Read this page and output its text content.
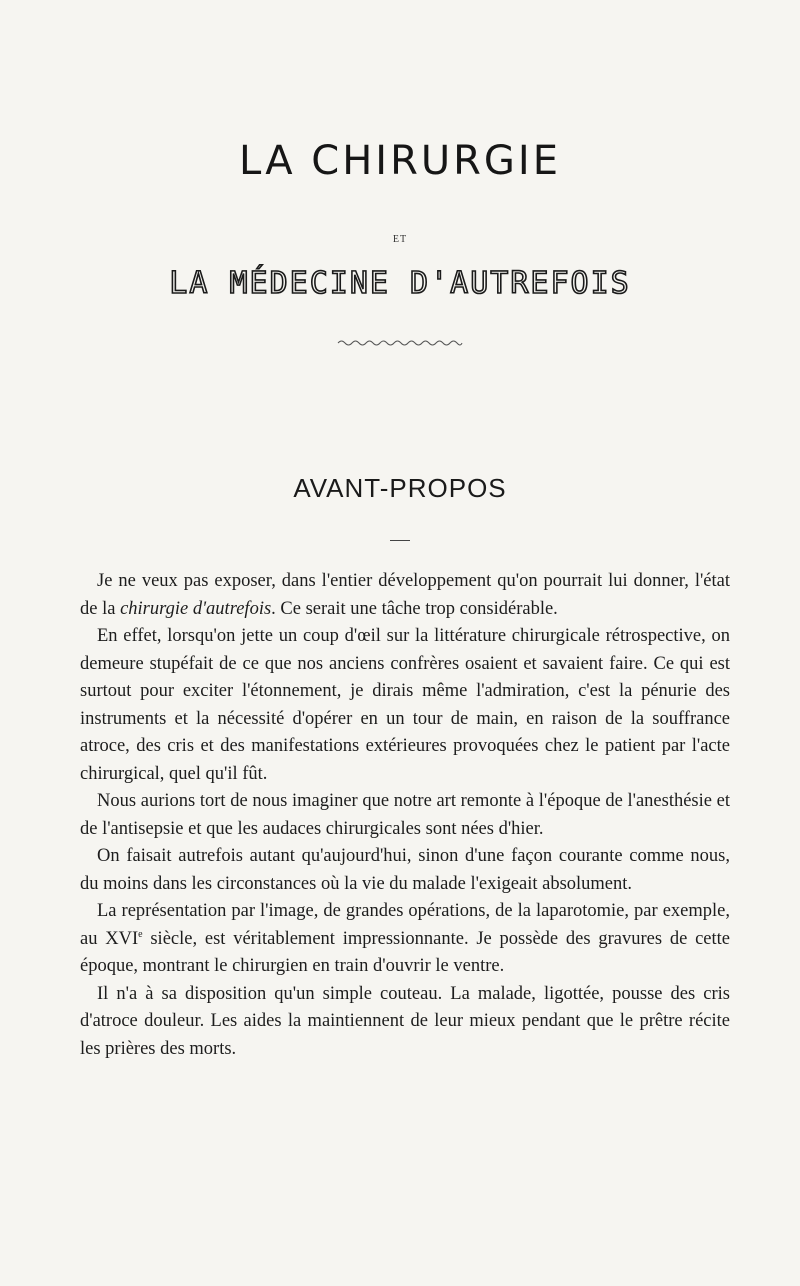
LA CHIRURGIE
ET
LA MÉDECINE D'AUTREFOIS
AVANT-PROPOS

Je ne veux pas exposer, dans l'entier développement qu'on pourrait lui donner, l'état de la chirurgie d'autrefois. Ce serait une tâche trop considérable.

En effet, lorsqu'on jette un coup d'œil sur la littérature chirurgicale rétrospective, on demeure stupéfait de ce que nos anciens confrères osaient et savaient faire. Ce qui est surtout pour exciter l'étonnement, je dirais même l'admiration, c'est la pénurie des instruments et la nécessité d'opérer en un tour de main, en raison de la souffrance atroce, des cris et des manifestations extérieures provoquées chez le patient par l'acte chirurgical, quel qu'il fût.

Nous aurions tort de nous imaginer que notre art remonte à l'époque de l'anesthésie et de l'antisepsie et que les audaces chirurgicales sont nées d'hier.

On faisait autrefois autant qu'aujourd'hui, sinon d'une façon courante comme nous, du moins dans les circonstances où la vie du malade l'exigeait absolument.

La représentation par l'image, de grandes opérations, de la laparotomie, par exemple, au XVIe siècle, est véritablement impressionnante. Je possède des gravures de cette époque, montrant le chirurgien en train d'ouvrir le ventre.

Il n'a à sa disposition qu'un simple couteau. La malade, ligottée, pousse des cris d'atroce douleur. Les aides la maintiennent de leur mieux pendant que le prêtre récite les prières des morts.
